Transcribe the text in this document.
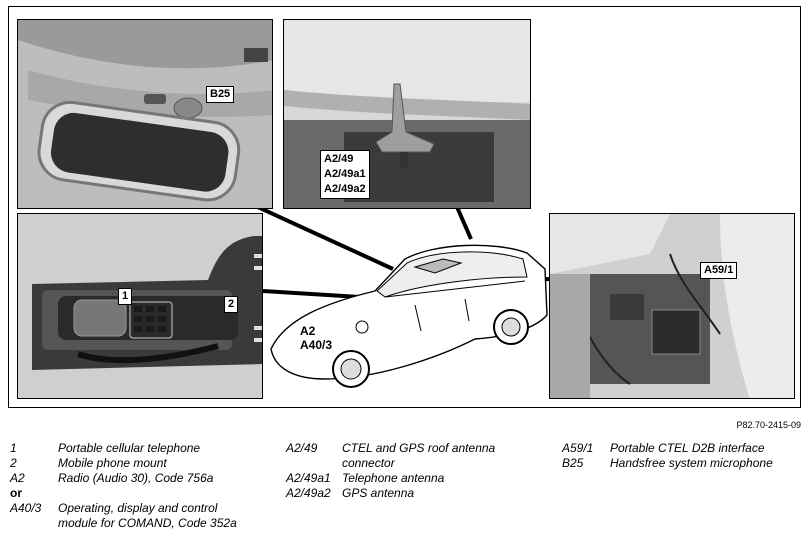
B25
A2/49
A2/49a1
A2/49a2
1
2
A2
A40/3
A59/1
P82.70-2415-09
1	Portable cellular telephone
2	Mobile phone mount
A2	Radio (Audio 30), Code 756a
or
A40/3	Operating, display and control
module for COMAND, Code 352a
A2/49	CTEL and GPS roof antenna
connector
A2/49a1 Telephone antenna
A2/49a2 GPS antenna
A59/1	Portable CTEL D2B interface
B25	Handsfree system microphone
